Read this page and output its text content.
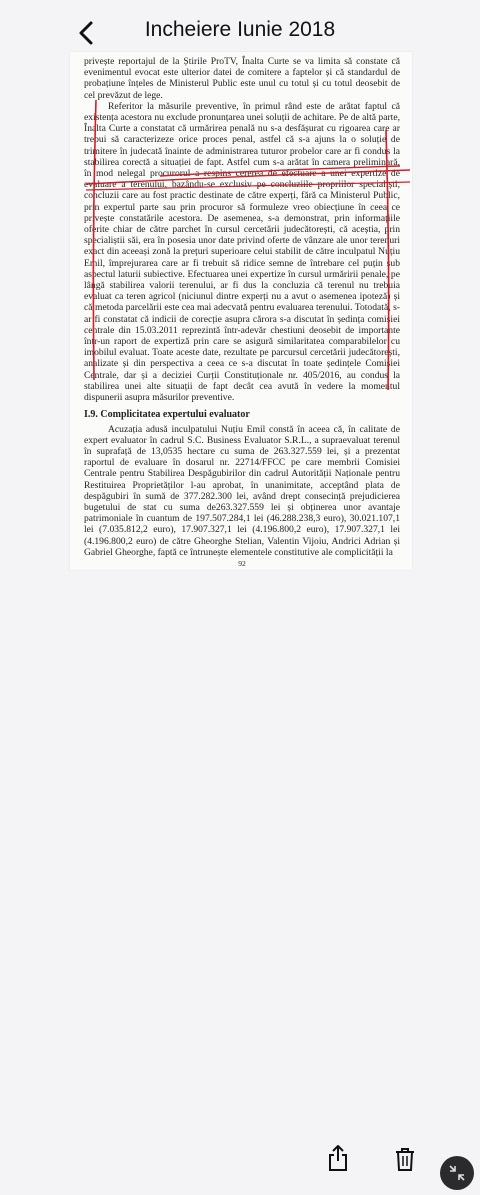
Incheiere Iunie 2018

privește reportajul de la Știrile ProTV, Înalta Curte se va limita să constate că evenimentul evocat este ulterior datei de comitere a faptelor și că standardul de probațiune înțeles de Ministerul Public este unul cu totul și cu totul deosebit de cel prevăzut de lege.

Referitor la măsurile preventive, în primul rând este de arătat faptul că existența acestora nu exclude pronunțarea unei soluții de achitare. Pe de altă parte, Înalta Curte a constatat că urmărirea penală nu s-a desfășurat cu rigoarea care ar trebui să caracterizeze orice proces penal, astfel că s-a ajuns la o soluție de trimitere în judecată înainte de administrarea tuturor probelor care ar fi condus la stabilirea corectă a situației de fapt. Astfel cum s-a arătat în camera preliminară, în mod nelegal procurorul a respins cererea de efectuare a unei expertize de evaluare a terenului, bazându-se exclusiv pe concluziile propriilor specialiști, concluzii care au fost practic destinate de către experți, fără ca Ministerul Public, prin expertul parte sau prin procuror să formuleze vreo obiecțiune în ceea ce privește constatările acestora. De asemenea, s-a demonstrat, prin informațiile oferite chiar de către parchet în cursul cercetării judecătorești, că aceștia, prin specialiștii săi, era în posesia unor date privind oferte de vânzare ale unor terenuri exact din aceeași zonă la prețuri superioare celui stabilit de către inculpatul Nuțiu Emil, împrejurarea care ar fi trebuit să ridice semne de întrebare cel puțin sub aspectul laturii subiective. Efectuarea unei expertize în cursul urmăririi penale, pe lângă stabilirea valorii terenului, ar fi dus la concluzia că terenul nu trebuia evaluat ca teren agricol (niciunul dintre experți nu a avut o asemenea ipoteză) și că metoda parcelării este cea mai adecvată pentru evaluarea terenului. Totodată, s-ar fi constatat că indicii de corecție asupra cărora s-a discutat în ședința comisiei centrale din 15.03.2011 reprezintă într-adevăr chestiuni deosebit de importante într-un raport de expertiză prin care se asigură similaritatea comparabilelor cu imobilul evaluat. Toate aceste date, rezultate pe parcursul cercetării judecătorești, analizate și din perspectiva a ceea ce s-a discutat în toate ședințele Comisiei Centrale, dar și a deciziei Curții Constituționale nr. 405/2016, au condus la stabilirea unei alte situații de fapt decât cea avută în vedere la momentul dispunerii asupra măsurilor preventive.

I.9. Complicitatea expertului evaluator

Acuzația adusă inculpatului Nuțiu Emil constă în aceea că, în calitate de expert evaluator în cadrul S.C. Business Evaluator S.R.L., a supraevaluat terenul în suprafață de 13,0535 hectare cu suma de 263.327.559 lei, și a prezentat raportul de evaluare în dosarul nr. 22714/FFCC pe care membrii Comisiei Centrale pentru Stabilirea Despăgubirilor din cadrul Autorității Naționale pentru Restituirea Proprietăților l-au aprobat, în unanimitate, acceptând plata de despăgubiri în sumă de 377.282.300 lei, având drept consecință prejudicierea bugetului de stat cu suma de263.327.559 lei și obținerea unor avantaje patrimoniale în cuantum de 197.507.284,1 lei (46.288.238,3 euro), 30.021.107,1 lei (7.035.812,2 euro), 17.907.327,1 lei (4.196.800,2 euro), 17.907.327,1 lei (4.196.800,2 euro) de către Gheorghe Stelian, Valentin Vijoiu, Andrici Adrian și Gabriel Gheorghe, faptă ce întrunește elementele constitutive ale complicității la

92
